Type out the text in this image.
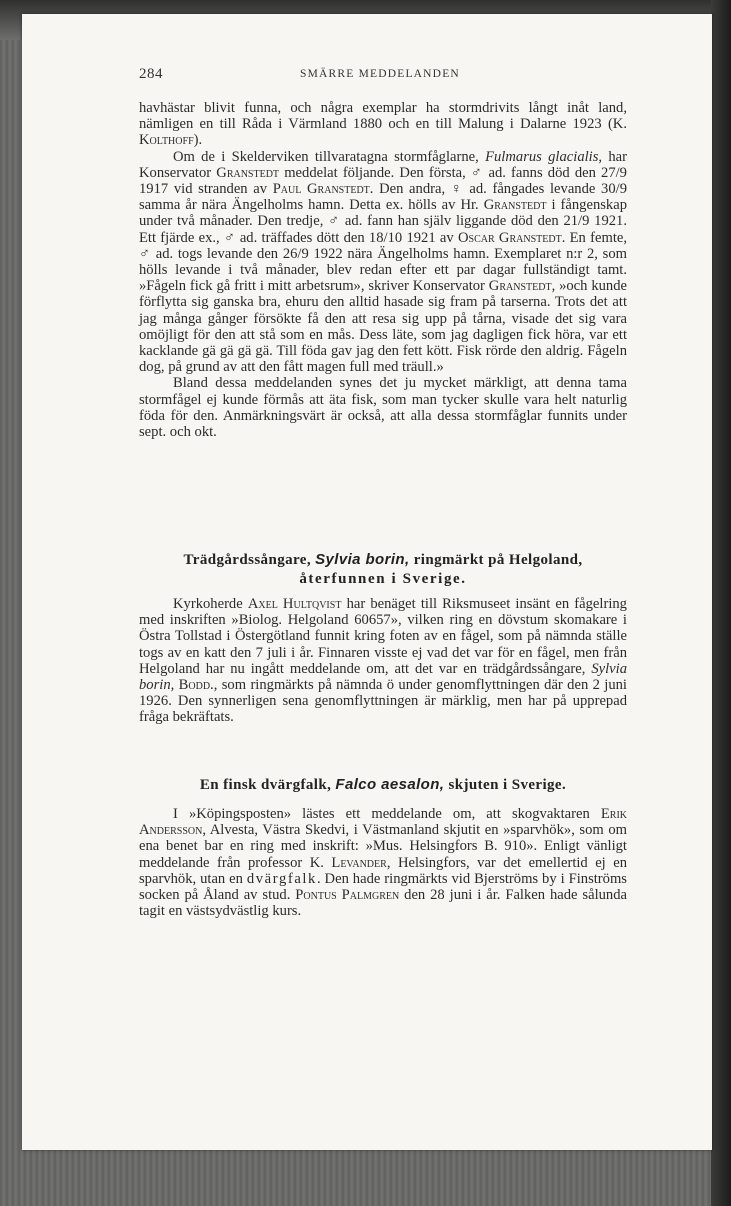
284	SMÄRRE MEDDELANDEN

havhästar blivit funna, och några exemplar ha stormdrivits långt inåt land, nämligen en till Råda i Värmland 1880 och en till Malung i Dalarne 1923 (K. Kolthoff).

Om de i Skelderviken tillvaratagna stormfåglarne, Fulmarus glacialis, har Konservator Granstedt meddelat följande. Den första, ♂ ad. fanns död den 27/9 1917 vid stranden av Paul Granstedt. Den andra, ♀ ad. fångades levande 30/9 samma år nära Ängelholms hamn. Detta ex. hölls av Hr. Granstedt i fångenskap under två månader. Den tredje, ♂ ad. fann han själv liggande död den 21/9 1921. Ett fjärde ex., ♂ ad. träffades dött den 18/10 1921 av Oscar Granstedt. En femte, ♂ ad. togs levande den 26/9 1922 nära Ängelholms hamn. Exemplaret n:r 2, som hölls levande i två månader, blev redan efter ett par dagar fullständigt tamt. »Fågeln fick gå fritt i mitt arbetsrum», skriver Konservator Granstedt, »och kunde förflytta sig ganska bra, ehuru den alltid hasade sig fram på tarserna. Trots det att jag många gånger försökte få den att resa sig upp på tårna, visade det sig vara omöjligt för den att stå som en mås. Dess läte, som jag dagligen fick höra, var ett kacklande gä gä gä gä. Till föda gav jag den fett kött. Fisk rörde den aldrig. Fågeln dog, på grund av att den fått magen full med träull.»

Bland dessa meddelanden synes det ju mycket märkligt, att denna tama stormfågel ej kunde förmås att äta fisk, som man tycker skulle vara helt naturlig föda för den. Anmärkningsvärt är också, att alla dessa stormfåglar funnits under sept. och okt.

Trädgårdssångare, Sylvia borin, ringmärkt på Helgoland,
återfunnen i Sverige.

Kyrkoherde Axel Hultqvist har benäget till Riksmuseet insänt en fågelring med inskriften »Biolog. Helgoland 60657», vilken ring en dövstum skomakare i Östra Tollstad i Östergötland funnit kring foten av en fågel, som på nämnda ställe togs av en katt den 7 juli i år. Finnaren visste ej vad det var för en fågel, men från Helgoland har nu ingått meddelande om, att det var en trädgårdssångare, Sylvia borin, Bodd., som ringmärkts på nämnda ö under genomflyttningen där den 2 juni 1926. Den synnerligen sena genomflyttningen är märklig, men har på upprepad fråga bekräftats.

En finsk dvärgfalk, Falco aesalon, skjuten i Sverige.

I »Köpingsposten» lästes ett meddelande om, att skogvaktaren Erik Andersson, Alvesta, Västra Skedvi, i Västmanland skjutit en »sparvhök», som om ena benet bar en ring med inskrift: »Mus. Helsingfors B. 910». Enligt vänligt meddelande från professor K. Levander, Helsingfors, var det emellertid ej en sparvhök, utan en dvärgfalk. Den hade ringmärkts vid Bjerströms by i Finströms socken på Åland av stud. Pontus Palmgren den 28 juni i år. Falken hade sålunda tagit en västsydvästlig kurs.
